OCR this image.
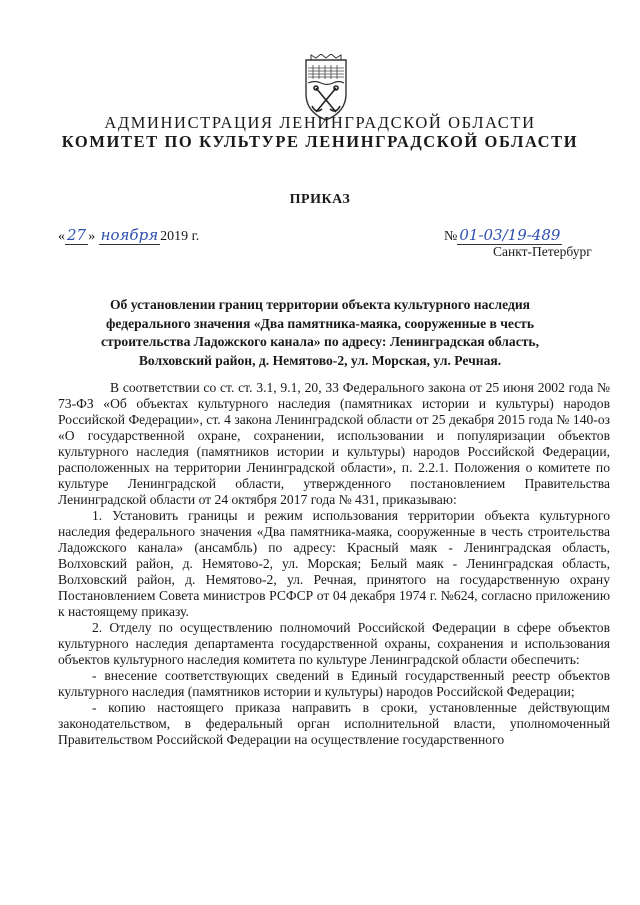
АДМИНИСТРАЦИЯ ЛЕНИНГРАДСКОЙ ОБЛАСТИ
КОМИТЕТ ПО КУЛЬТУРЕ ЛЕНИНГРАДСКОЙ ОБЛАСТИ
ПРИКАЗ
« 27 » ноября 2019 г.	№ 01-03/19-489
Санкт-Петербург
Об установлении границ территории объекта культурного наследия федерального значения «Два памятника-маяка, сооруженные в честь строительства Ладожского канала» по адресу: Ленинградская область, Волховский район, д. Немятово-2, ул. Морская, ул. Речная.

В соответствии со ст. ст. 3.1, 9.1, 20, 33 Федерального закона от 25 июня 2002 года № 73-ФЗ «Об объектах культурного наследия (памятниках истории и культуры) народов Российской Федерации», ст. 4 закона Ленинградской области от 25 декабря 2015 года № 140-оз «О государственной охране, сохранении, использовании и популяризации объектов культурного наследия (памятников истории и культуры) народов Российской Федерации, расположенных на территории Ленинградской области», п. 2.2.1. Положения о комитете по культуре Ленинградской области, утвержденного постановлением Правительства Ленинградской области от 24 октября 2017 года № 431, приказываю:

1. Установить границы и режим использования территории объекта культурного наследия федерального значения «Два памятника-маяка, сооруженные в честь строительства Ладожского канала» (ансамбль) по адресу: Красный маяк - Ленинградская область, Волховский район, д. Немятово-2, ул. Морская; Белый маяк - Ленинградская область, Волховский район, д. Немятово-2, ул. Речная, принятого на государственную охрану Постановлением Совета министров РСФСР от 04 декабря 1974 г. №624, согласно приложению к настоящему приказу.

2. Отделу по осуществлению полномочий Российской Федерации в сфере объектов культурного наследия департамента государственной охраны, сохранения и использования объектов культурного наследия комитета по культуре Ленинградской области обеспечить:

- внесение соответствующих сведений в Единый государственный реестр объектов культурного наследия (памятников истории и культуры) народов Российской Федерации;

- копию настоящего приказа направить в сроки, установленные действующим законодательством, в федеральный орган исполнительной власти, уполномоченный Правительством Российской Федерации на осуществление государственного
